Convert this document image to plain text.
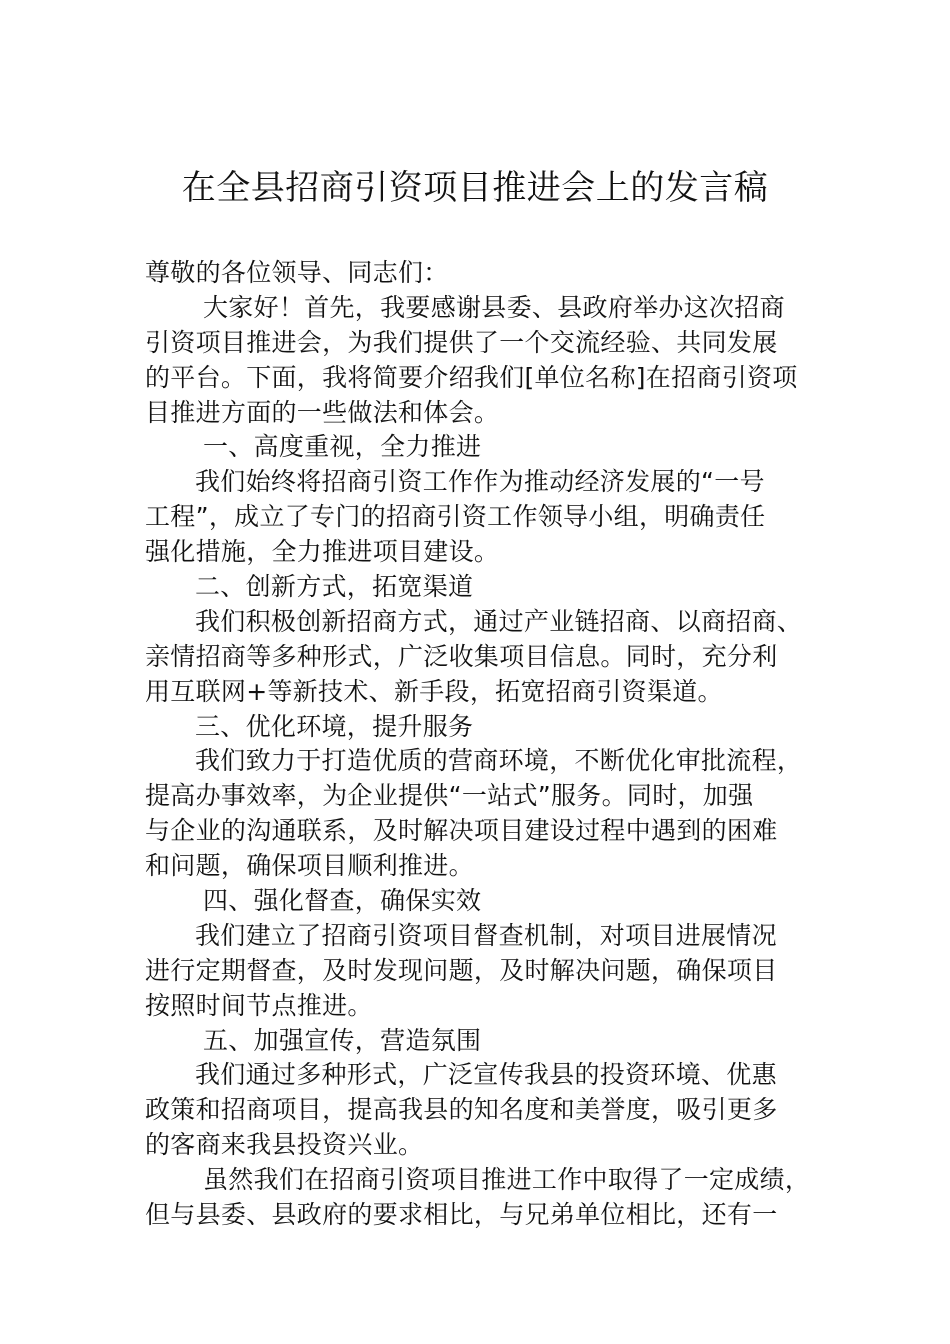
在全县招商引资项目推进会上的发言稿
尊敬的各位领导、同志们：
大家好！首先，我要感谢县委、县政府举办这次招商
引资项目推进会，为我们提供了一个交流经验、共同发展
的平台。下面，我将简要介绍我们[单位名称]在招商引资项
目推进方面的一些做法和体会。
一、高度重视，全力推进
我们始终将招商引资工作作为推动经济发展的“一号
工程”，成立了专门的招商引资工作领导小组，明确责任
强化措施，全力推进项目建设。
二、创新方式，拓宽渠道
我们积极创新招商方式，通过产业链招商、以商招商、
亲情招商等多种形式，广泛收集项目信息。同时，充分利
用互联网+等新技术、新手段，拓宽招商引资渠道。
三、优化环境，提升服务
我们致力于打造优质的营商环境，不断优化审批流程，
提高办事效率，为企业提供“一站式”服务。同时，加强
与企业的沟通联系，及时解决项目建设过程中遇到的困难
和问题，确保项目顺利推进。
四、强化督查，确保实效
我们建立了招商引资项目督查机制，对项目进展情况
进行定期督查，及时发现问题，及时解决问题，确保项目
按照时间节点推进。
五、加强宣传，营造氛围
我们通过多种形式，广泛宣传我县的投资环境、优惠
政策和招商项目，提高我县的知名度和美誉度，吸引更多
的客商来我县投资兴业。
虽然我们在招商引资项目推进工作中取得了一定成绩，
但与县委、县政府的要求相比，与兄弟单位相比，还有一
